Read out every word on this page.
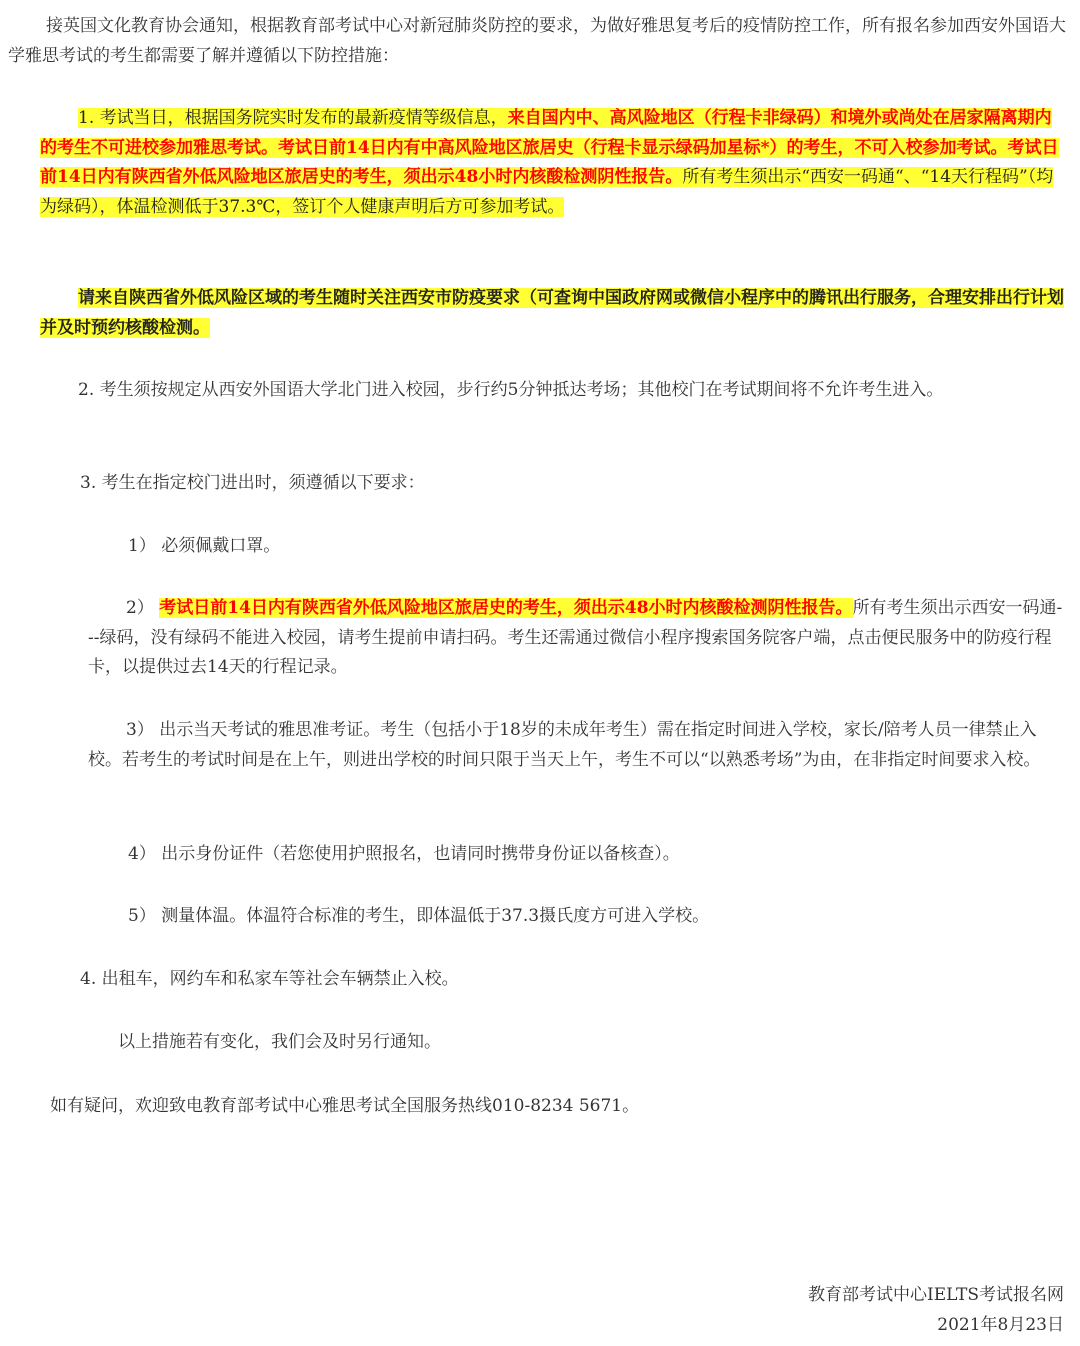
接英国文化教育协会通知，根据教育部考试中心对新冠肺炎防控的要求，为做好雅思复考后的疫情防控工作，所有报名参加西安外国语大学雅思考试的考生都需要了解并遵循以下防控措施：

1. 考试当日，根据国务院实时发布的最新疫情等级信息，来自国内中、高风险地区（行程卡非绿码）和境外或尚处在居家隔离期内的考生不可进校参加雅思考试。考试日前14日内有中高风险地区旅居史（行程卡显示绿码加星标*）的考生，不可入校参加考试。考试日前14日内有陕西省外低风险地区旅居史的考生，须出示48小时内核酸检测阴性报告。所有考生须出示“西安一码通“、“14天行程码”（均为绿码），体温检测低于37.3℃，签订个人健康声明后方可参加考试。

请来自陕西省外低风险区域的考生随时关注西安市防疫要求（可查询中国政府网或微信小程序中的腾讯出行服务，合理安排出行计划并及时预约核酸检测。

2. 考生须按规定从西安外国语大学北门进入校园，步行约5分钟抵达考场；其他校门在考试期间将不允许考生进入。

3. 考生在指定校门进出时，须遵循以下要求：

1） 必须佩戴口罩。

2） 考试日前14日内有陕西省外低风险地区旅居史的考生，须出示48小时内核酸检测阴性报告。所有考生须出示西安一码通---绿码，没有绿码不能进入校园，请考生提前申请扫码。考生还需通过微信小程序搜索国务院客户端，点击便民服务中的防疫行程卡，以提供过去14天的行程记录。

3） 出示当天考试的雅思准考证。考生（包括小于18岁的未成年考生）需在指定时间进入学校，家长/陪考人员一律禁止入校。若考生的考试时间是在上午，则进出学校的时间只限于当天上午，考生不可以“以熟悉考场”为由，在非指定时间要求入校。

4） 出示身份证件（若您使用护照报名，也请同时携带身份证以备核查）。

5） 测量体温。体温符合标准的考生，即体温低于37.3摄氏度方可进入学校。

4. 出租车，网约车和私家车等社会车辆禁止入校。

以上措施若有变化，我们会及时另行通知。

如有疑问，欢迎致电教育部考试中心雅思考试全国服务热线010-8234 5671。

教育部考试中心IELTS考试报名网

2021年8月23日
